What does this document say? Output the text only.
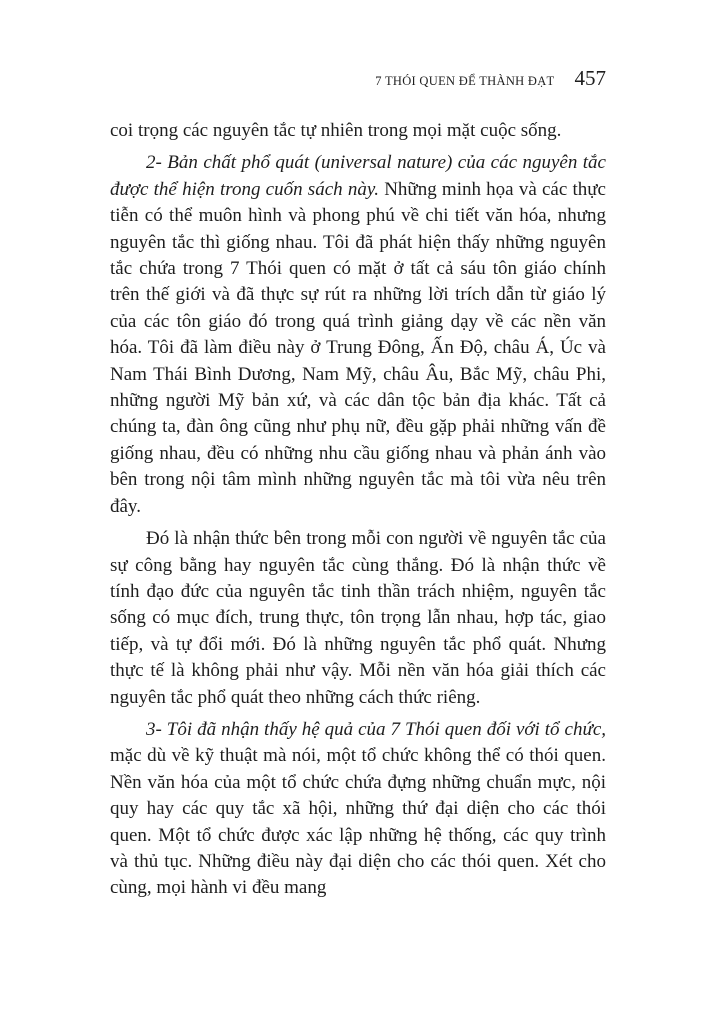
7 THÓI QUEN ĐỂ THÀNH ĐẠT 457

coi trọng các nguyên tắc tự nhiên trong mọi mặt cuộc sống.

2- Bản chất phổ quát (universal nature) của các nguyên tắc được thể hiện trong cuốn sách này. Những minh họa và các thực tiễn có thể muôn hình và phong phú về chi tiết văn hóa, nhưng nguyên tắc thì giống nhau. Tôi đã phát hiện thấy những nguyên tắc chứa trong 7 Thói quen có mặt ở tất cả sáu tôn giáo chính trên thế giới và đã thực sự rút ra những lời trích dẫn từ giáo lý của các tôn giáo đó trong quá trình giảng dạy về các nền văn hóa. Tôi đã làm điều này ở Trung Đông, Ấn Độ, châu Á, Úc và Nam Thái Bình Dương, Nam Mỹ, châu Âu, Bắc Mỹ, châu Phi, những người Mỹ bản xứ, và các dân tộc bản địa khác. Tất cả chúng ta, đàn ông cũng như phụ nữ, đều gặp phải những vấn đề giống nhau, đều có những nhu cầu giống nhau và phản ánh vào bên trong nội tâm mình những nguyên tắc mà tôi vừa nêu trên đây.

Đó là nhận thức bên trong mỗi con người về nguyên tắc của sự công bằng hay nguyên tắc cùng thắng. Đó là nhận thức về tính đạo đức của nguyên tắc tinh thần trách nhiệm, nguyên tắc sống có mục đích, trung thực, tôn trọng lẫn nhau, hợp tác, giao tiếp, và tự đổi mới. Đó là những nguyên tắc phổ quát. Nhưng thực tế là không phải như vậy. Mỗi nền văn hóa giải thích các nguyên tắc phổ quát theo những cách thức riêng.

3- Tôi đã nhận thấy hệ quả của 7 Thói quen đối với tổ chức, mặc dù về kỹ thuật mà nói, một tổ chức không thể có thói quen. Nền văn hóa của một tổ chức chứa đựng những chuẩn mực, nội quy hay các quy tắc xã hội, những thứ đại diện cho các thói quen. Một tổ chức được xác lập những hệ thống, các quy trình và thủ tục. Những điều này đại diện cho các thói quen. Xét cho cùng, mọi hành vi đều mang
